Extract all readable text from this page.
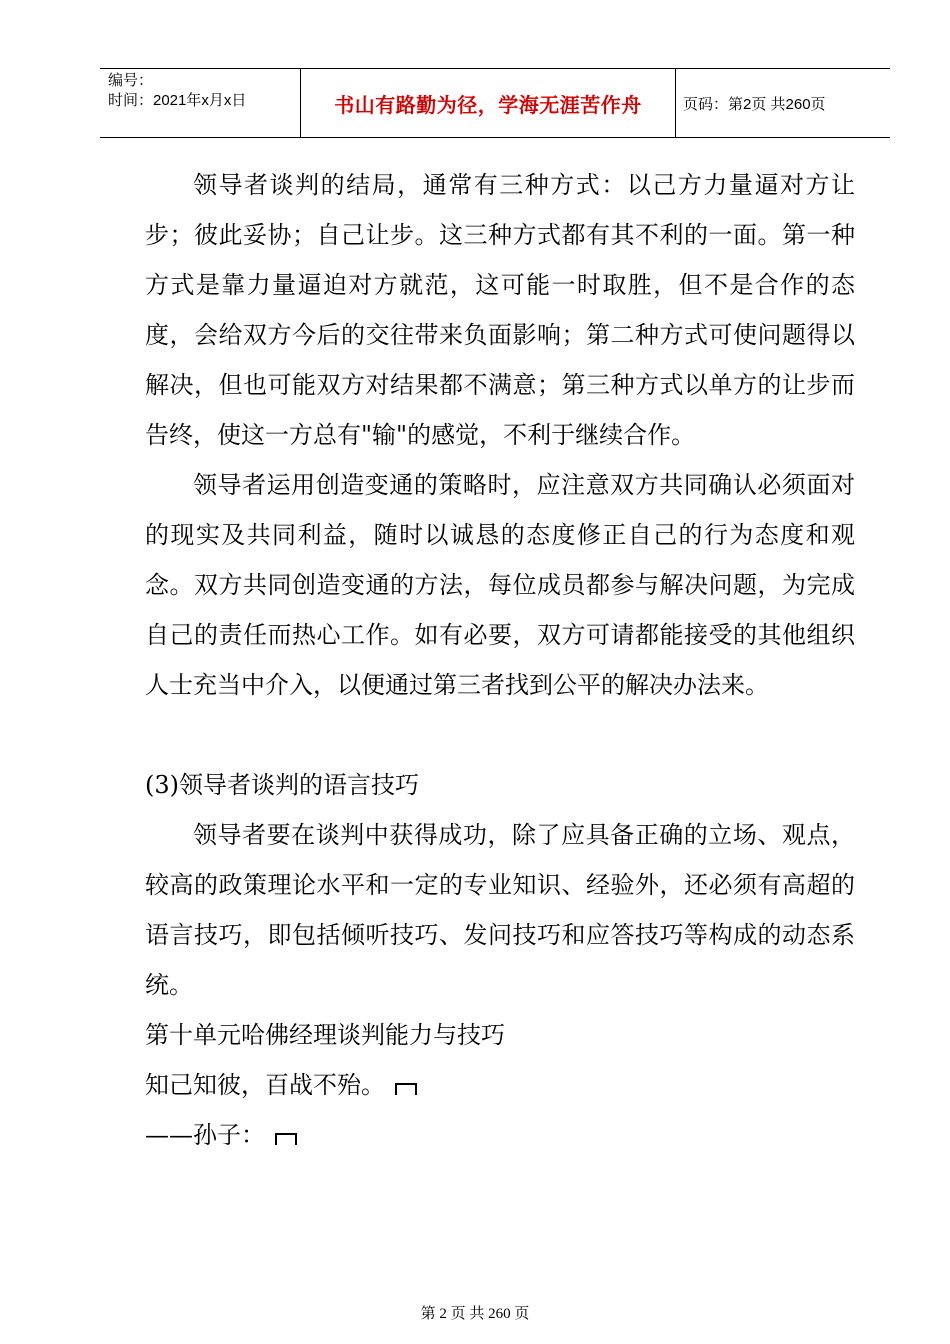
编号：
时间：2021年x月x日	书山有路勤为径，学海无涯苦作舟	页码：第2页 共260页

领导者谈判的结局，通常有三种方式：以己方力量逼对方让步；彼此妥协；自己让步。这三种方式都有其不利的一面。第一种方式是靠力量逼迫对方就范，这可能一时取胜，但不是合作的态度，会给双方今后的交往带来负面影响；第二种方式可使问题得以解决，但也可能双方对结果都不满意；第三种方式以单方的让步而告终，使这一方总有"输"的感觉，不利于继续合作。

领导者运用创造变通的策略时，应注意双方共同确认必须面对的现实及共同利益，随时以诚恳的态度修正自己的行为态度和观念。双方共同创造变通的方法，每位成员都参与解决问题，为完成自己的责任而热心工作。如有必要，双方可请都能接受的其他组织人士充当中介入，以便通过第三者找到公平的解决办法来。

(3)领导者谈判的语言技巧

领导者要在谈判中获得成功，除了应具备正确的立场、观点，较高的政策理论水平和一定的专业知识、经验外，还必须有高超的语言技巧，即包括倾听技巧、发问技巧和应答技巧等构成的动态系统。

第十单元哈佛经理谈判能力与技巧

知己知彼，百战不殆。

——孙子：

第 2 页 共 260 页
